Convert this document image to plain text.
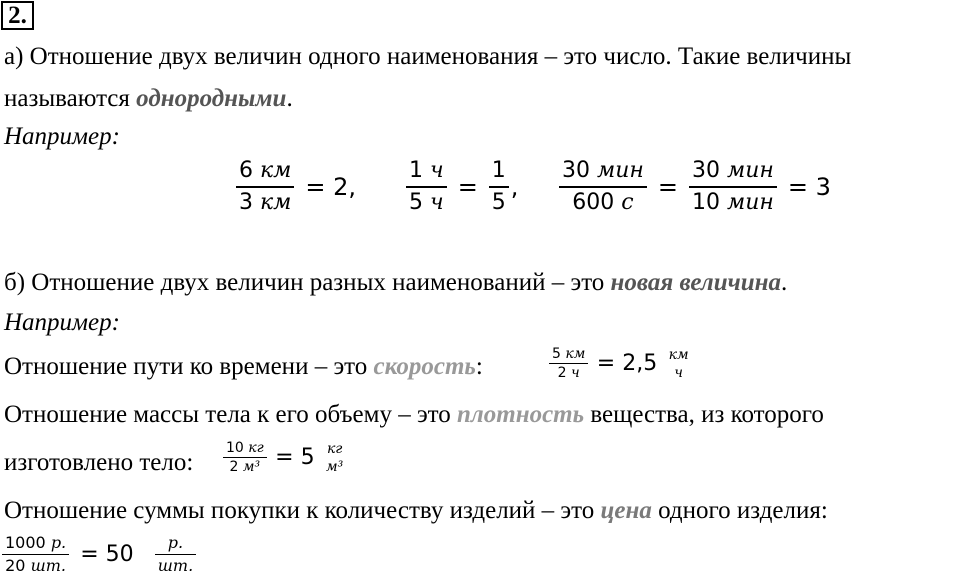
2.
а) Отношение двух величин одного наименования – это число. Такие величины
называются однородными.
Например:
$\frac{6 км}{3 км} = 2$, $\frac{1 ч}{5 ч} = \frac{1}{5}$ , $\frac{\text{30 мин}}{600 с} = \frac{\text{30 мин}}{\text{10 мин}} = 3$
б) Отношение двух величин разных наименований – это новая величина.
Например:
Отношение пути ко времени – это скорость:	$\frac{5 км}{2 ч} = 2,5$ км
ч
Отношение массы тела к его объему – это плотность вещества, из которого
изготовлено тело: $\frac{10 кг}{\text{2 м³}} = 5$ кг
м³
Отношение суммы покупки к количеству изделий – это цена одного изделия:
$\frac{1000 р.}{20 шт.} = 50 \frac{р.}{шт.}$
